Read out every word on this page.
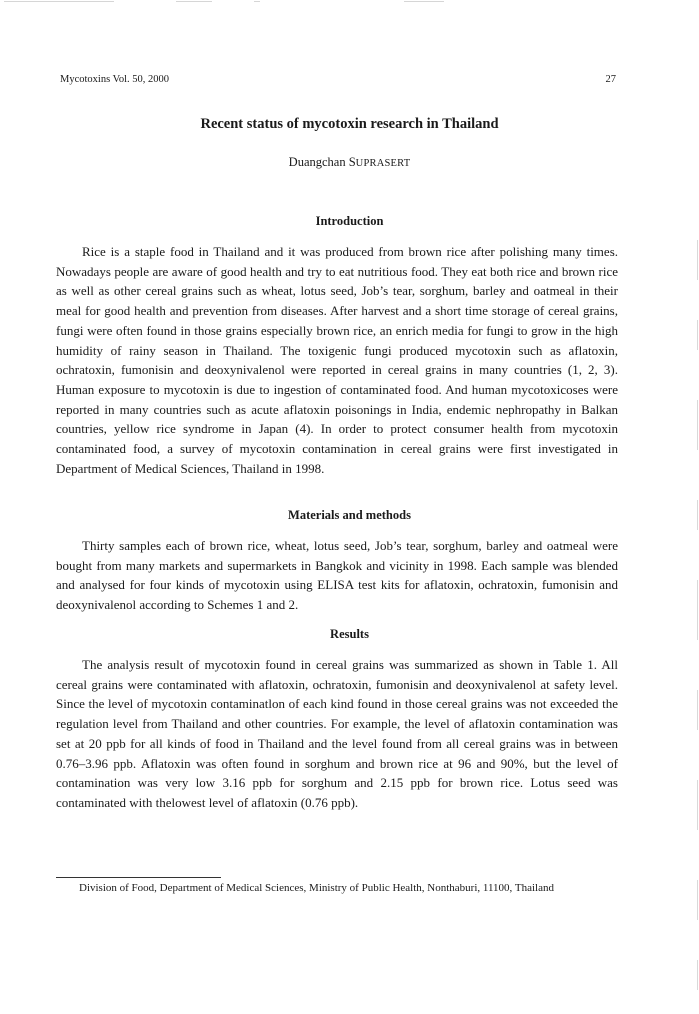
Mycotoxins Vol. 50, 2000	27
Recent status of mycotoxin research in Thailand
Duangchan SUPRASERT
Introduction
Rice is a staple food in Thailand and it was produced from brown rice after polishing many times. Nowadays people are aware of good health and try to eat nutritious food. They eat both rice and brown rice as well as other cereal grains such as wheat, lotus seed, Job’s tear, sorghum, barley and oatmeal in their meal for good health and prevention from diseases. After harvest and a short time storage of cereal grains, fungi were often found in those grains especially brown rice, an enrich media for fungi to grow in the high humidity of rainy season in Thailand. The toxigenic fungi produced mycotoxin such as aflatoxin, ochratoxin, fumonisin and deoxynivalenol were reported in cereal grains in many countries (1, 2, 3). Human exposure to mycotoxin is due to ingestion of contaminated food. And human mycotoxicoses were reported in many countries such as acute aflatoxin poisonings in India, endemic nephropathy in Balkan countries, yellow rice syndrome in Japan (4). In order to protect consumer health from mycotoxin contaminated food, a survey of mycotoxin contamination in cereal grains were first investigated in Department of Medical Sciences, Thailand in 1998.
Materials and methods
Thirty samples each of brown rice, wheat, lotus seed, Job’s tear, sorghum, barley and oatmeal were bought from many markets and supermarkets in Bangkok and vicinity in 1998. Each sample was blended and analysed for four kinds of mycotoxin using ELISA test kits for aflatoxin, ochratoxin, fumonisin and deoxynivalenol according to Schemes 1 and 2.
Results
The analysis result of mycotoxin found in cereal grains was summarized as shown in Table 1. All cereal grains were contaminated with aflatoxin, ochratoxin, fumonisin and deoxynivalenol at safety level. Since the level of mycotoxin contaminatlon of each kind found in those cereal grains was not exceeded the regulation level from Thailand and other countries. For example, the level of aflatoxin contamination was set at 20 ppb for all kinds of food in Thailand and the level found from all cereal grains was in between 0.76–3.96 ppb. Aflatoxin was often found in sorghum and brown rice at 96 and 90%, but the level of contamination was very low 3.16 ppb for sorghum and 2.15 ppb for brown rice. Lotus seed was contaminated with thelowest level of aflatoxin (0.76 ppb).
Division of Food, Department of Medical Sciences, Ministry of Public Health, Nonthaburi, 11100, Thailand
